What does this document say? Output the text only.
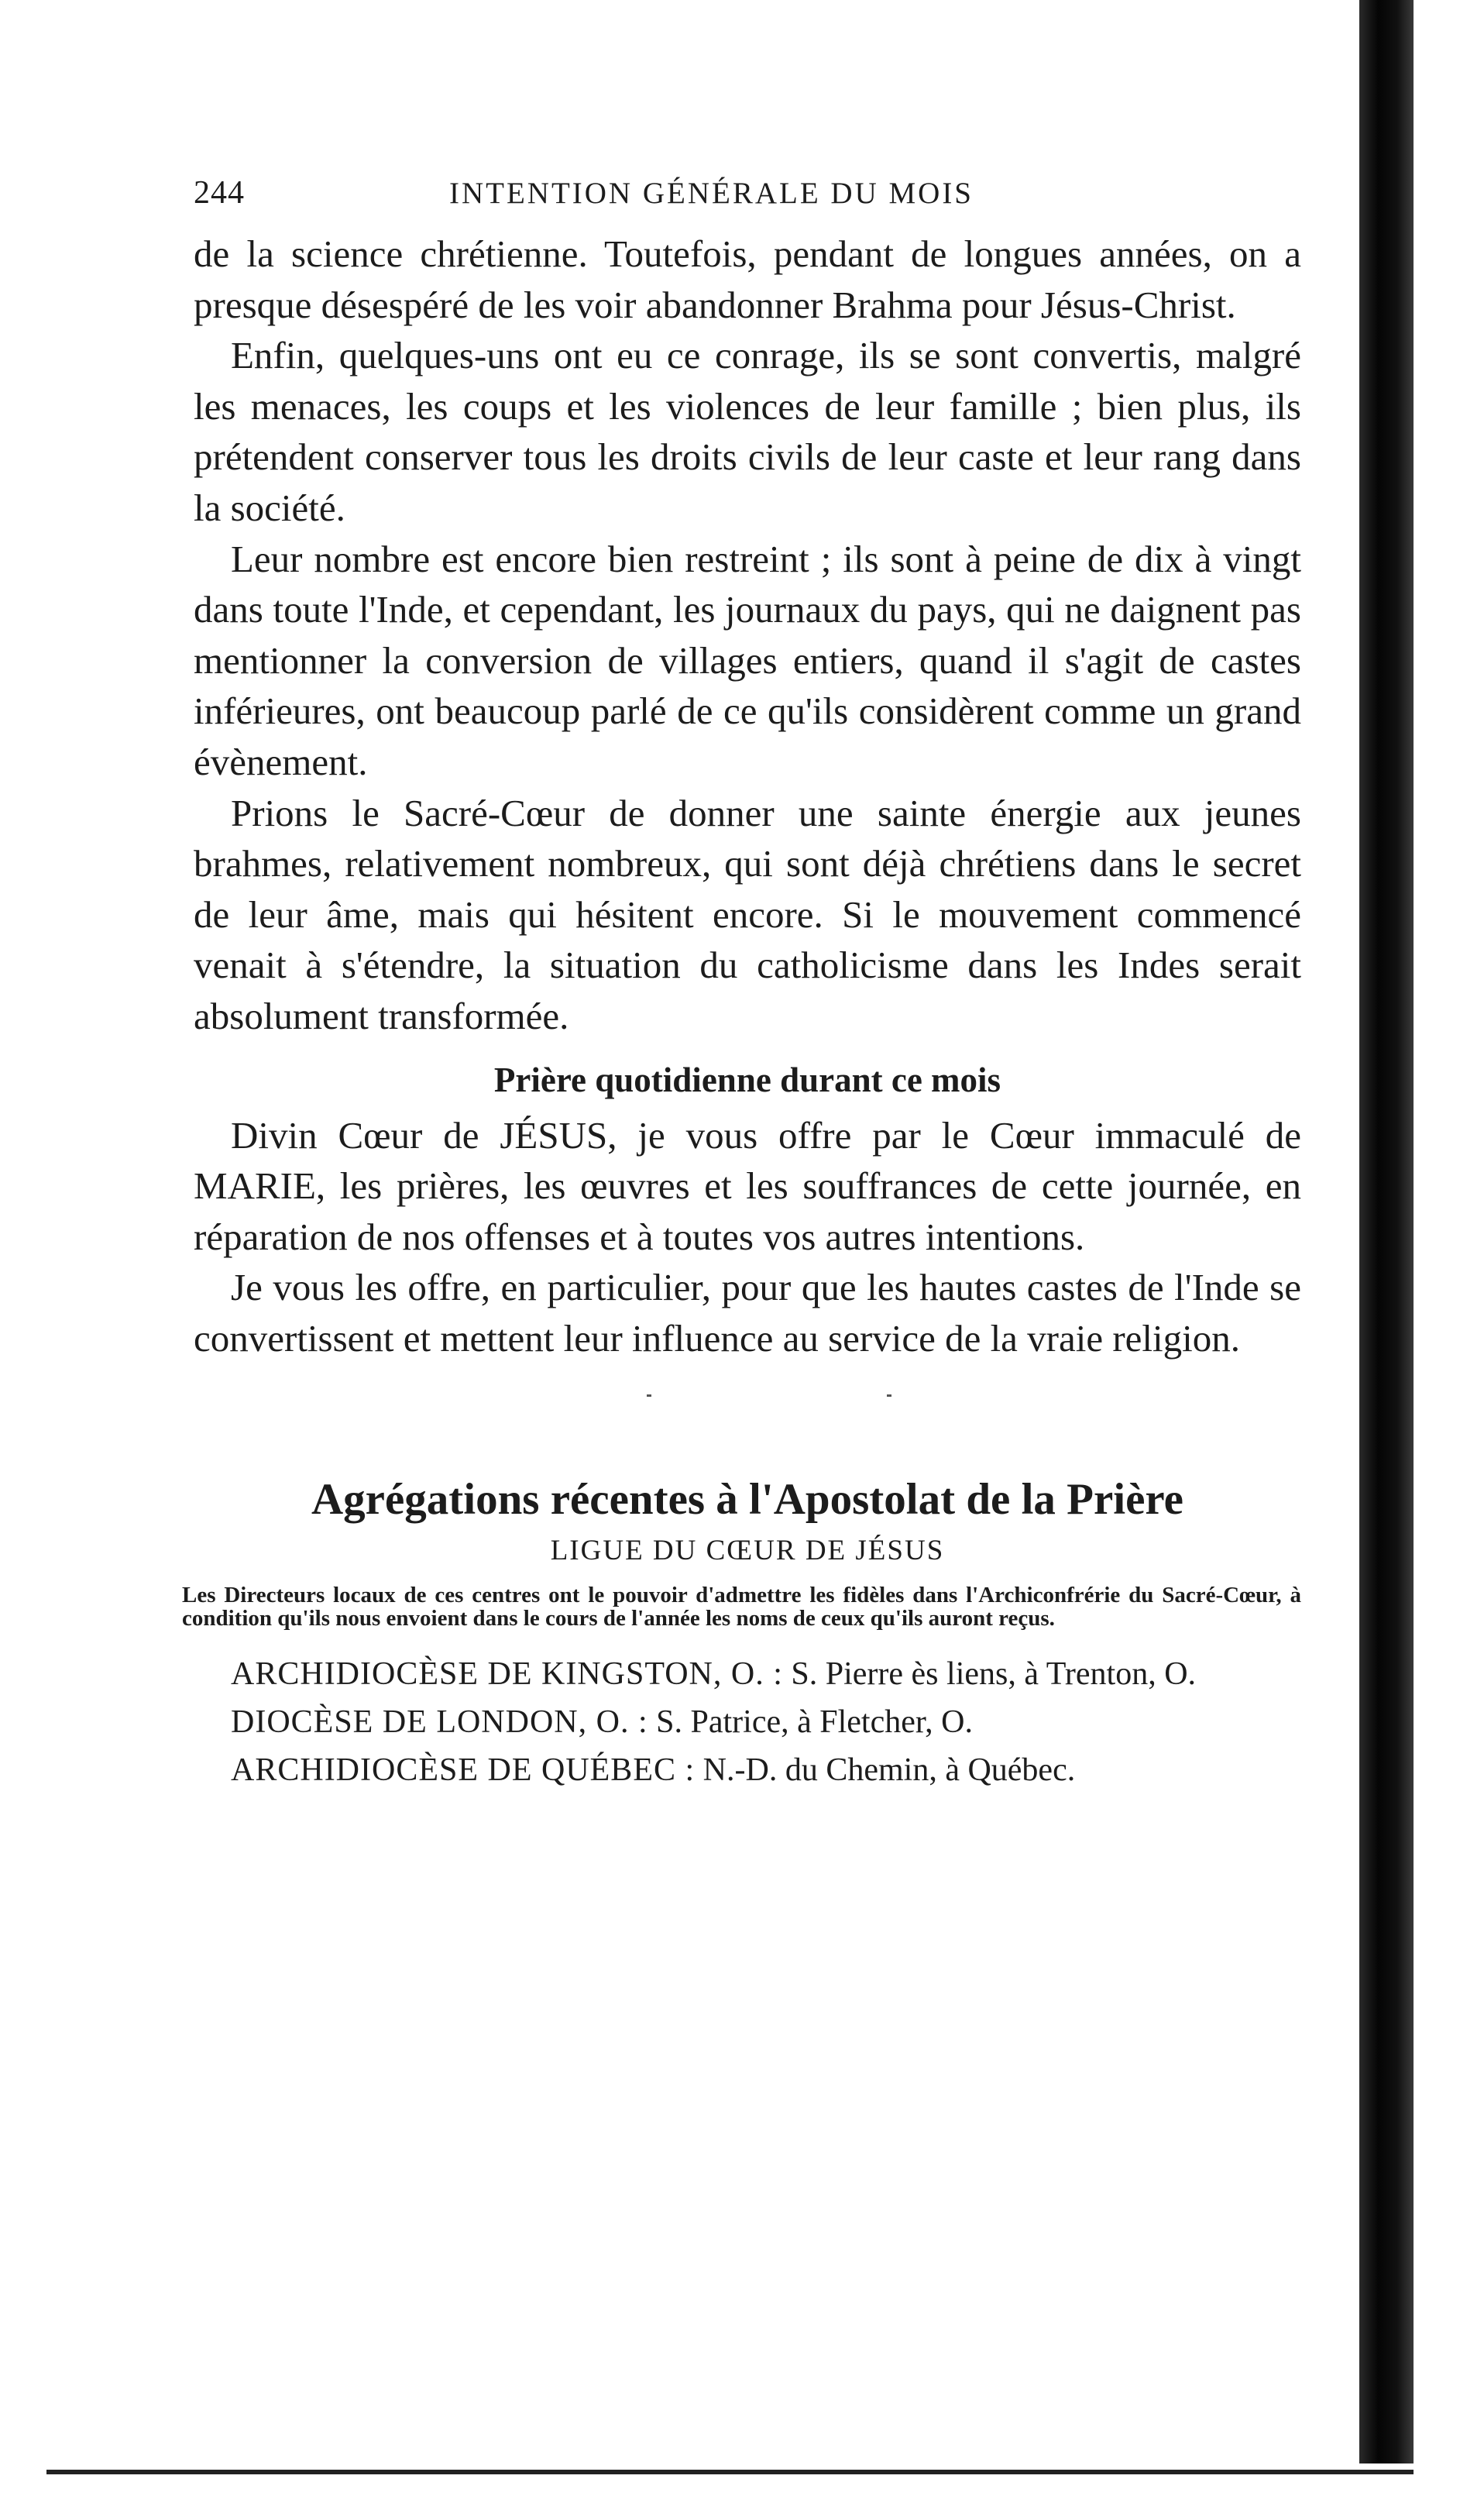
244	INTENTION GÉNÉRALE DU MOIS

de la science chrétienne. Toutefois, pendant de longues années, on a presque désespéré de les voir abandonner Brahma pour Jésus-Christ.

Enfin, quelques-uns ont eu ce conrage, ils se sont convertis, malgré les menaces, les coups et les violences de leur famille ; bien plus, ils prétendent conserver tous les droits civils de leur caste et leur rang dans la société.

Leur nombre est encore bien restreint ; ils sont à peine de dix à vingt dans toute l'Inde, et cependant, les journaux du pays, qui ne daignent pas mentionner la conversion de villages entiers, quand il s'agit de castes inférieures, ont beaucoup parlé de ce qu'ils considèrent comme un grand évènement.

Prions le Sacré-Cœur de donner une sainte énergie aux jeunes brahmes, relativement nombreux, qui sont déjà chrétiens dans le secret de leur âme, mais qui hésitent encore. Si le mouvement commencé venait à s'étendre, la situation du catholicisme dans les Indes serait absolument transformée.

Prière quotidienne durant ce mois

Divin Cœur de JÉSUS, je vous offre par le Cœur immaculé de MARIE, les prières, les œuvres et les souffrances de cette journée, en réparation de nos offenses et à toutes vos autres intentions.

Je vous les offre, en particulier, pour que les hautes castes de l'Inde se convertissent et mettent leur influence au service de la vraie religion.

Agrégations récentes à l'Apostolat de la Prière
LIGUE DU CŒUR DE JÉSUS
Les Directeurs locaux de ces centres ont le pouvoir d'admettre les fidèles dans l'Archiconfrérie du Sacré-Cœur, à condition qu'ils nous envoient dans le cours de l'année les noms de ceux qu'ils auront reçus.

ARCHIDIOCÈSE DE KINGSTON, O. : S. Pierre ès liens, à Trenton, O.

DIOCÈSE DE LONDON, O. : S. Patrice, à Fletcher, O.

ARCHIDIOCÈSE DE QUÉBEC : N.-D. du Chemin, à Québec.
